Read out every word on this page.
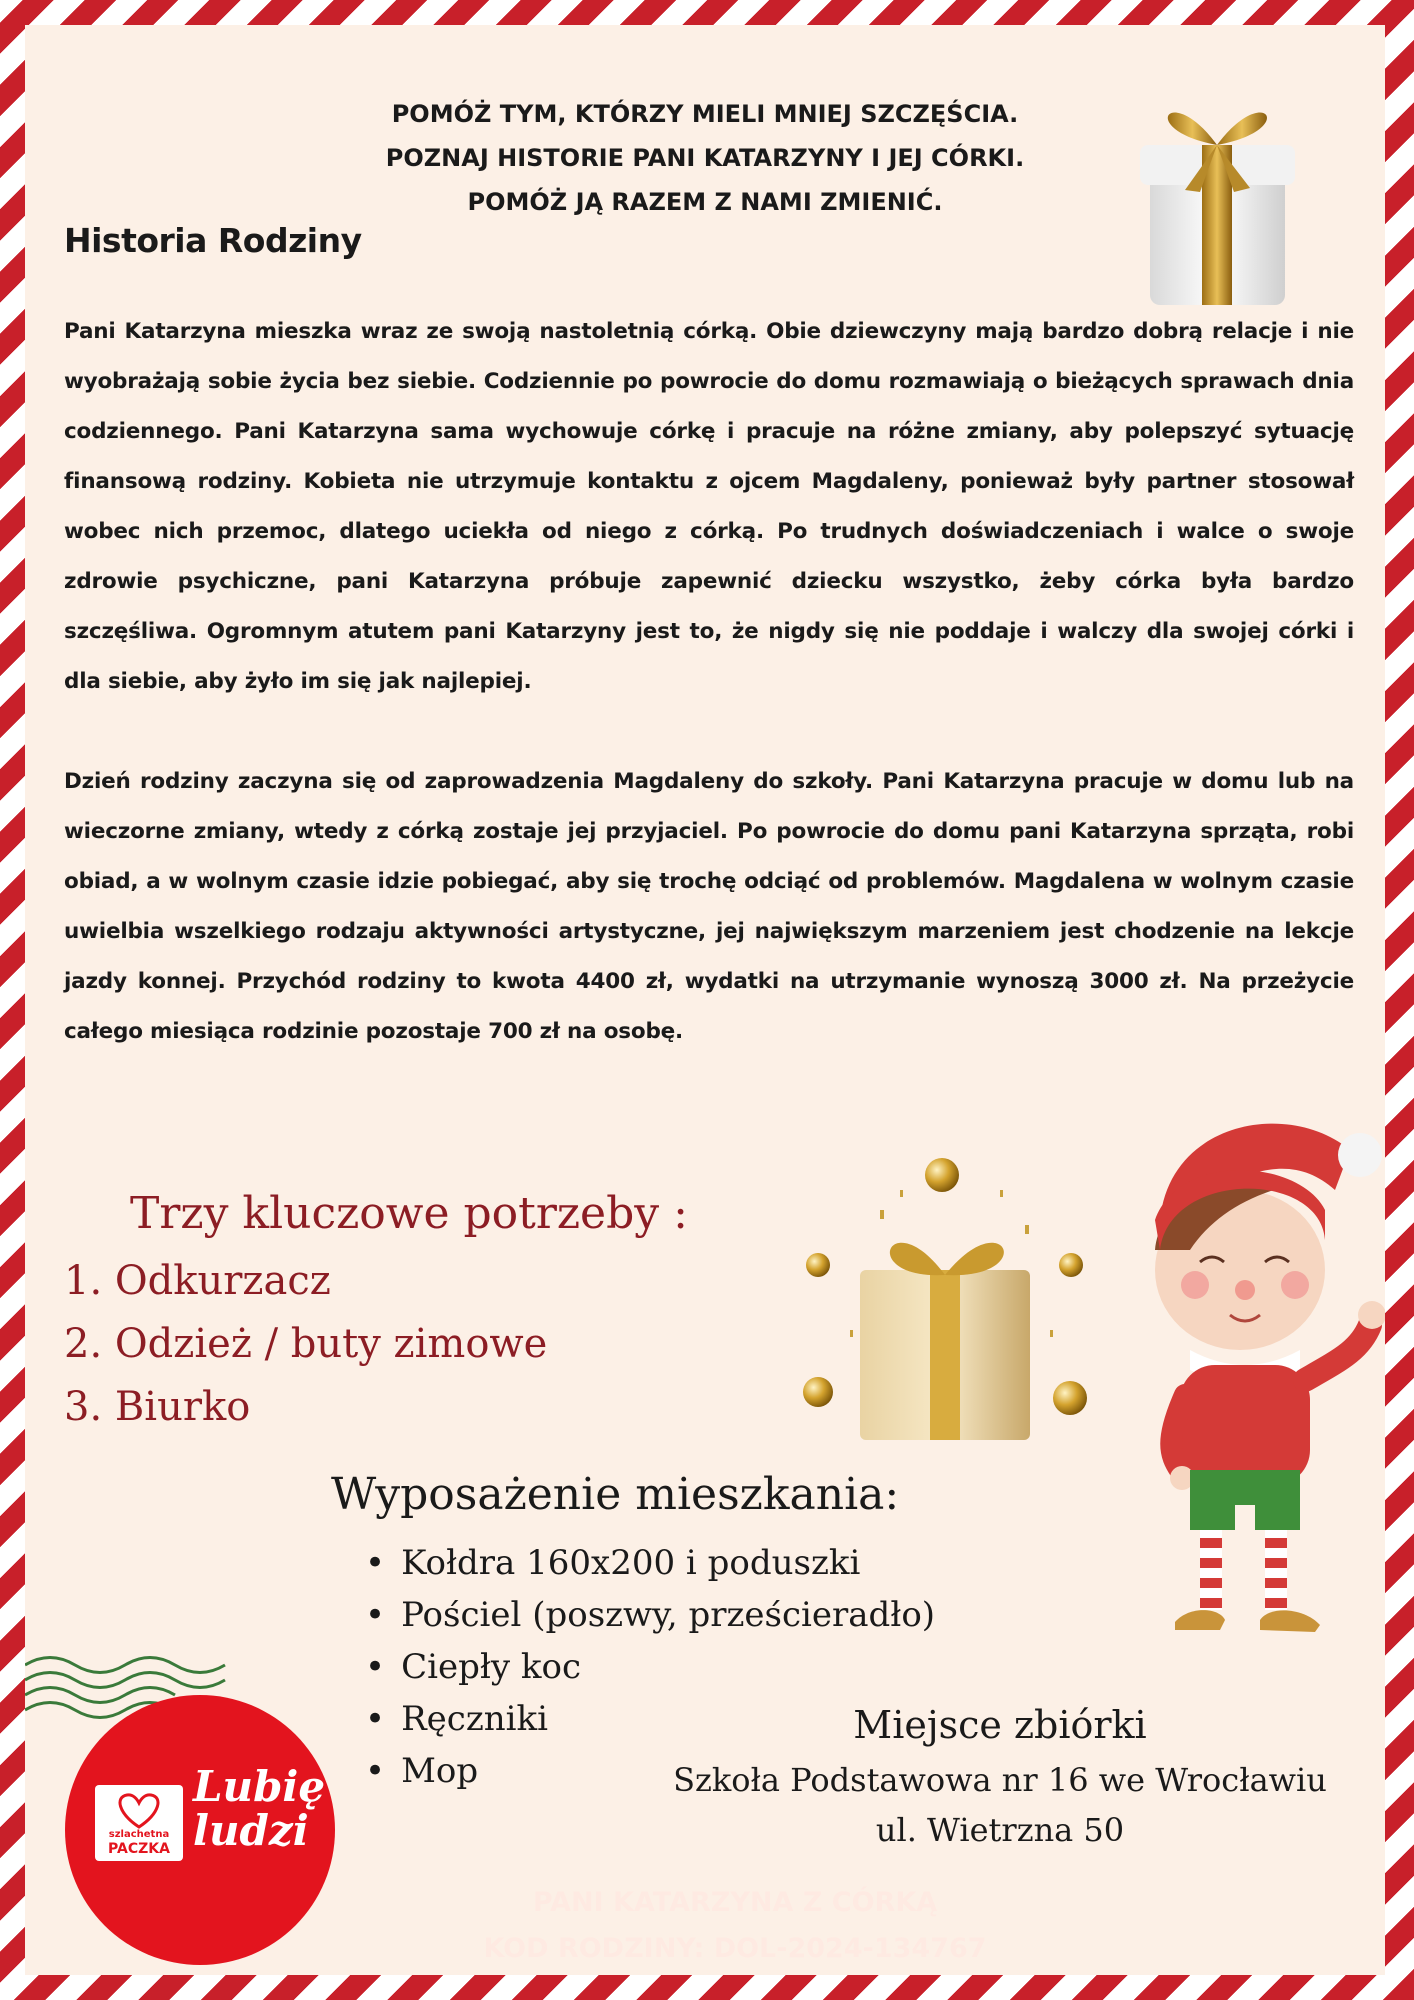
POMÓŻ TYM, KTÓRZY MIELI MNIEJ SZCZĘŚCIA.
POZNAJ HISTORIE PANI KATARZYNY I JEJ CÓRKI.
POMÓŻ JĄ RAZEM Z NAMI ZMIENIĆ.
Historia Rodziny

Pani Katarzyna mieszka wraz ze swoją nastoletnią córką. Obie dziewczyny mają bardzo dobrą relacje i nie wyobrażają sobie życia bez siebie. Codziennie po powrocie do domu rozmawiają o bieżących sprawach dnia codziennego. Pani Katarzyna sama wychowuje córkę i pracuje na różne zmiany, aby polepszyć sytuację finansową rodziny. Kobieta nie utrzymuje kontaktu z ojcem Magdaleny, ponieważ były partner stosował wobec nich przemoc, dlatego uciekła od niego z córką. Po trudnych doświadczeniach i walce o swoje zdrowie psychiczne, pani Katarzyna próbuje zapewnić dziecku wszystko, żeby córka była bardzo szczęśliwa. Ogromnym atutem pani Katarzyny jest to, że nigdy się nie poddaje i walczy dla swojej córki i dla siebie, aby żyło im się jak najlepiej.

Dzień rodziny zaczyna się od zaprowadzenia Magdaleny do szkoły. Pani Katarzyna pracuje w domu lub na wieczorne zmiany, wtedy z córką zostaje jej przyjaciel. Po powrocie do domu pani Katarzyna sprząta, robi obiad, a w wolnym czasie idzie pobiegać, aby się trochę odciąć od problemów. Magdalena w wolnym czasie uwielbia wszelkiego rodzaju aktywności artystyczne, jej największym marzeniem jest chodzenie na lekcje jazdy konnej. Przychód rodziny to kwota 4400 zł, wydatki na utrzymanie wynoszą 3000 zł. Na przeżycie całego miesiąca rodzinie pozostaje 700 zł na osobę.

Trzy kluczowe potrzeby :
1. Odkurzacz
2. Odzież / buty zimowe
3. Biurko
Wyposażenie mieszkania:
• Kołdra 160x200 i poduszki
• Pościel (poszwy, prześcieradło)
• Ciepły koc
• Ręczniki
• Mop
Miejsce zbiórki
Szkoła Podstawowa nr 16 we Wrocławiu
ul. Wietrzna 50
szlachetna
PACZKA
Lubię
ludzi
PANI KATARZYNA Z CÓRKĄ
KOD RODZINY: DOL-2024-134767
